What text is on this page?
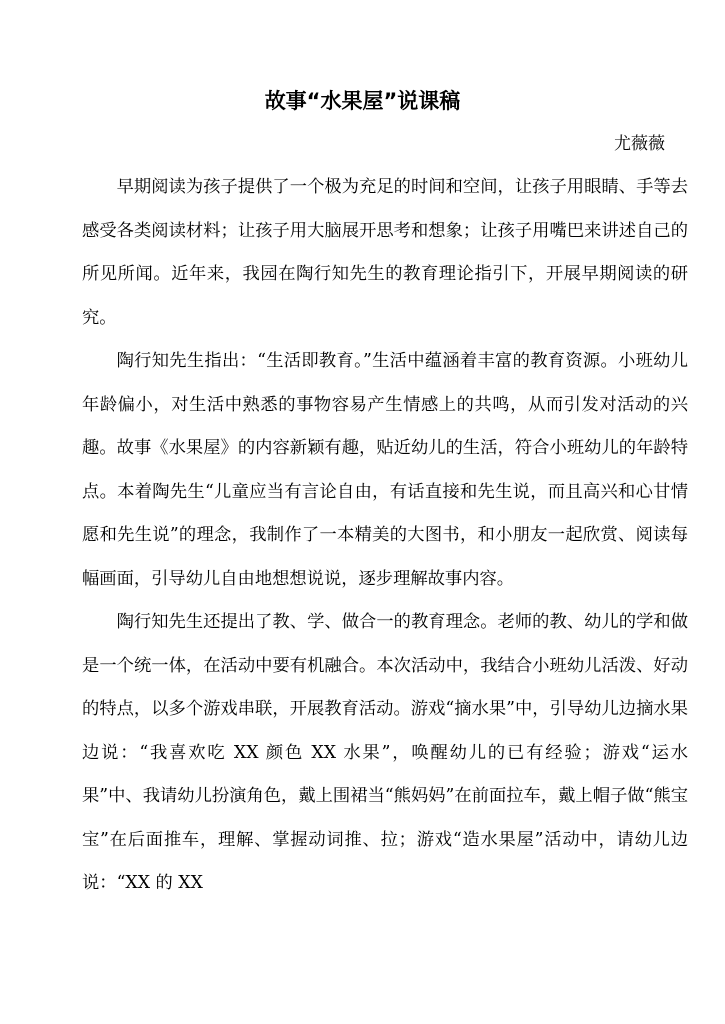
故事“水果屋”说课稿

尤薇薇

早期阅读为孩子提供了一个极为充足的时间和空间，让孩子用眼睛、手等去感受各类阅读材料；让孩子用大脑展开思考和想象；让孩子用嘴巴来讲述自己的所见所闻。近年来，我园在陶行知先生的教育理论指引下，开展早期阅读的研究。

陶行知先生指出：“生活即教育。”生活中蕴涵着丰富的教育资源。小班幼儿年龄偏小，对生活中熟悉的事物容易产生情感上的共鸣，从而引发对活动的兴趣。故事《水果屋》的内容新颖有趣，贴近幼儿的生活，符合小班幼儿的年龄特点。本着陶先生“儿童应当有言论自由，有话直接和先生说，而且高兴和心甘情愿和先生说”的理念，我制作了一本精美的大图书，和小朋友一起欣赏、阅读每幅画面，引导幼儿自由地想想说说，逐步理解故事内容。

陶行知先生还提出了教、学、做合一的教育理念。老师的教、幼儿的学和做是一个统一体，在活动中要有机融合。本次活动中，我结合小班幼儿活泼、好动的特点，以多个游戏串联，开展教育活动。游戏“摘水果”中，引导幼儿边摘水果边说：“我喜欢吃 XX 颜色 XX 水果”，唤醒幼儿的已有经验；游戏“运水果”中、我请幼儿扮演角色，戴上围裙当“熊妈妈”在前面拉车，戴上帽子做“熊宝宝”在后面推车，理解、掌握动词推、拉；游戏“造水果屋”活动中，请幼儿边说：“XX 的 XX
